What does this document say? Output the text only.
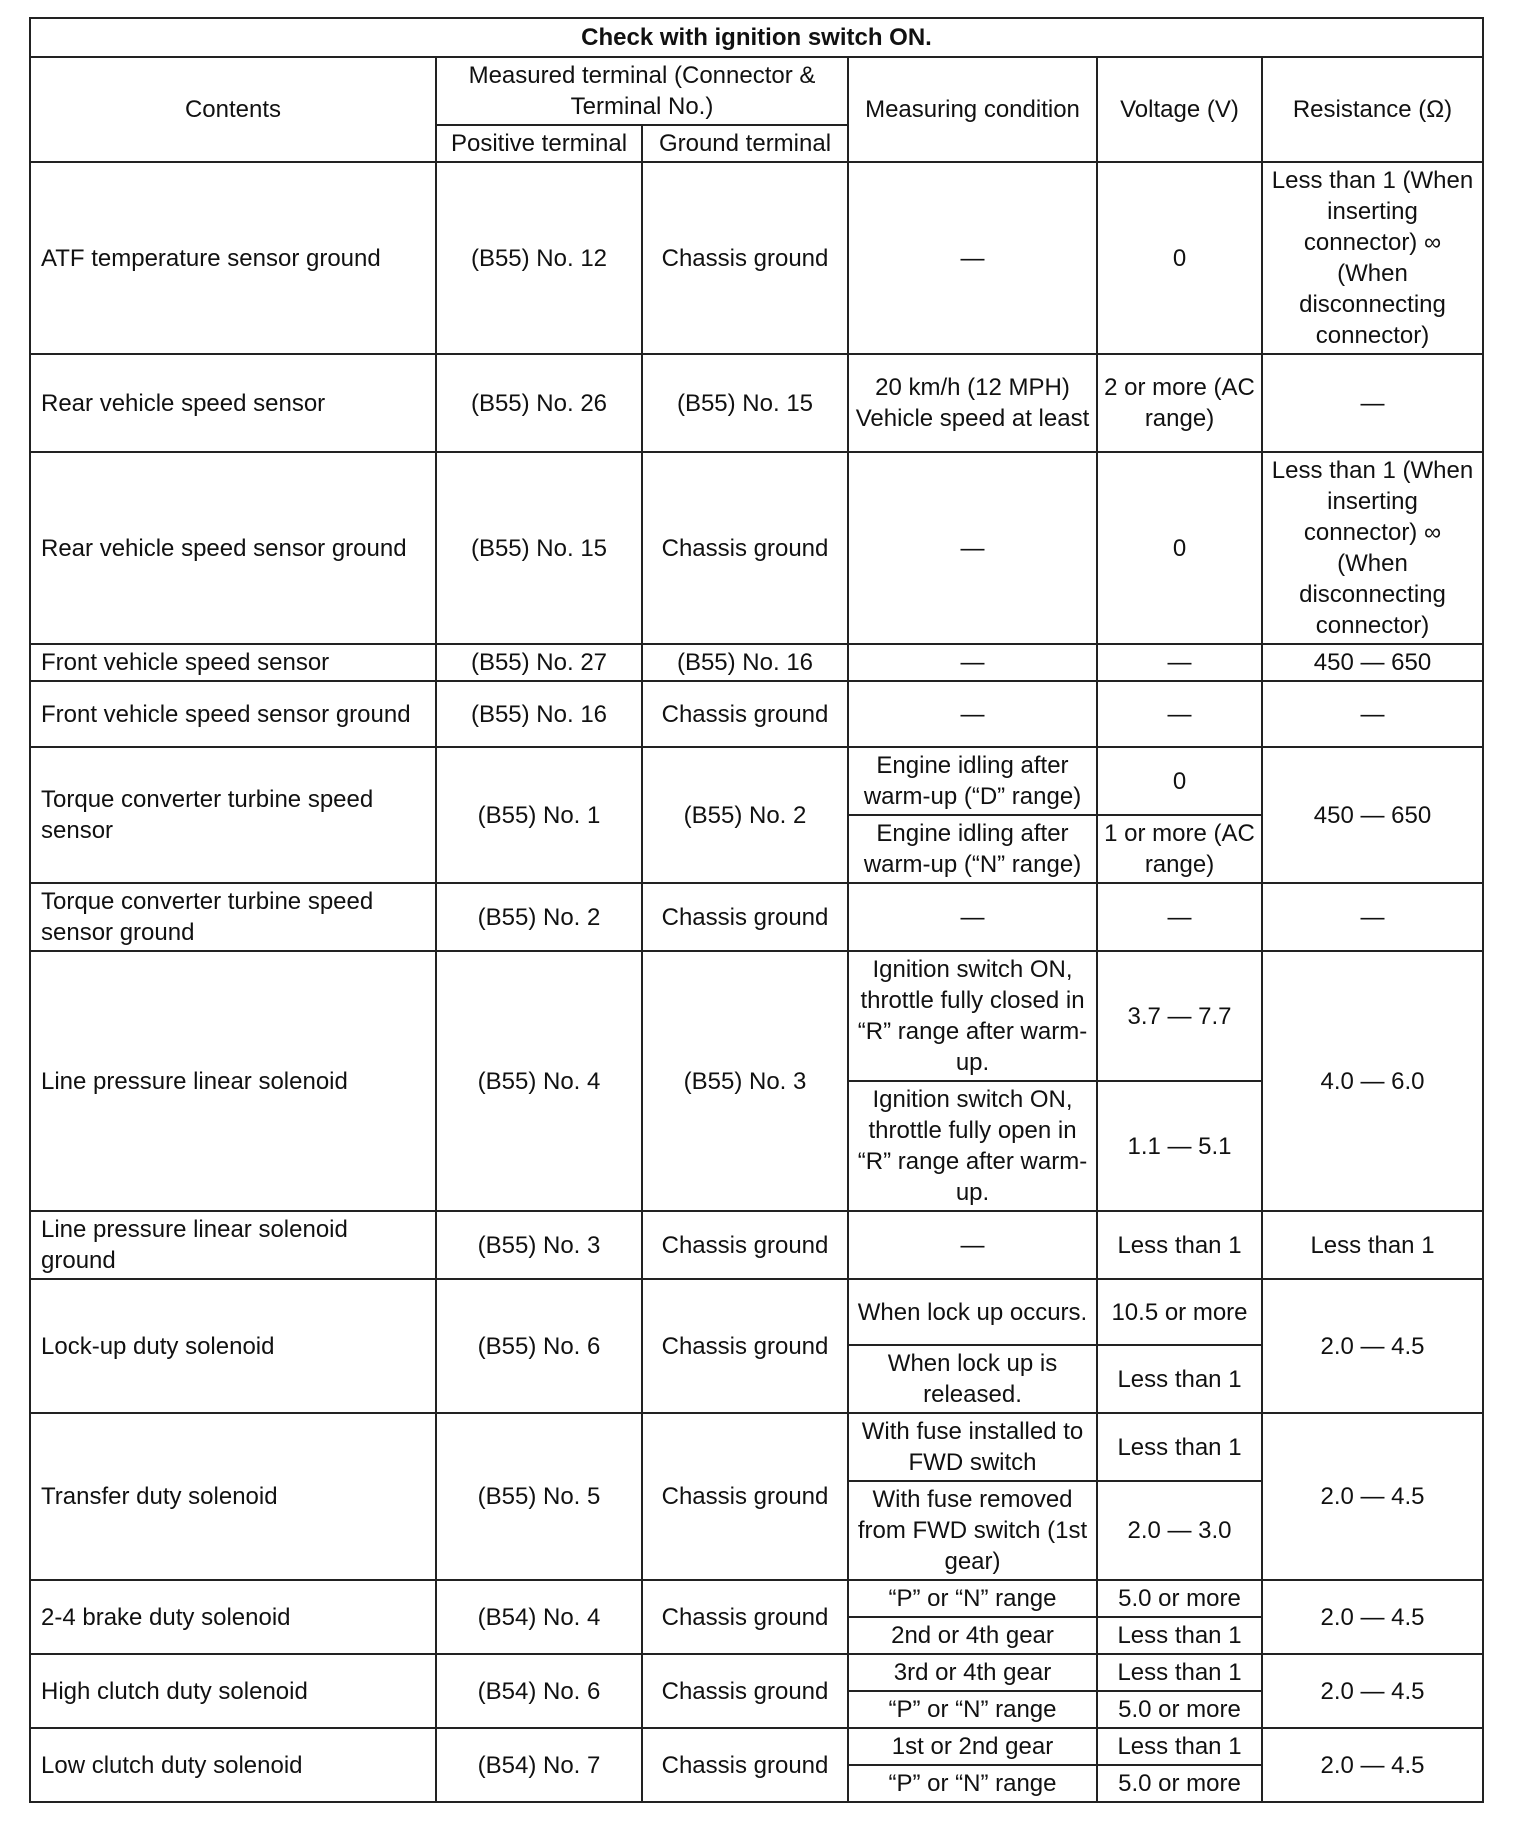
Check with ignition switch ON.					
Contents	Measured terminal (Connector & Terminal No.)		Measuring condition	Voltage (V)	Resistance (Ω)
	Positive terminal	Ground terminal			
ATF temperature sensor ground	(B55) No. 12	Chassis ground	—	0	Less than 1 (When inserting connector) ∞ (When disconnecting connector)
Rear vehicle speed sensor	(B55) No. 26	(B55) No. 15	20 km/h (12 MPH) Vehicle speed at least	2 or more (AC range)	—
Rear vehicle speed sensor ground	(B55) No. 15	Chassis ground	—	0	Less than 1 (When inserting connector) ∞ (When disconnecting connector)
Front vehicle speed sensor	(B55) No. 27	(B55) No. 16	—	—	450 — 650
Front vehicle speed sensor ground	(B55) No. 16	Chassis ground	—	—	—
Torque converter turbine speed sensor	(B55) No. 1	(B55) No. 2	Engine idling after warm-up (“D” range)	0	450 — 650
			Engine idling after warm-up (“N” range)	1 or more (AC range)	
Torque converter turbine speed sensor ground	(B55) No. 2	Chassis ground	—	—	—
Line pressure linear solenoid	(B55) No. 4	(B55) No. 3	Ignition switch ON, throttle fully closed in “R” range after warm-up.	3.7 — 7.7	4.0 — 6.0
			Ignition switch ON, throttle fully open in “R” range after warm-up.	1.1 — 5.1	
Line pressure linear solenoid ground	(B55) No. 3	Chassis ground	—	Less than 1	Less than 1
Lock-up duty solenoid	(B55) No. 6	Chassis ground	When lock up occurs.	10.5 or more	2.0 — 4.5
			When lock up is released.	Less than 1	
Transfer duty solenoid	(B55) No. 5	Chassis ground	With fuse installed to FWD switch	Less than 1	2.0 — 4.5
			With fuse removed from FWD switch (1st gear)	2.0 — 3.0	
2-4 brake duty solenoid	(B54) No. 4	Chassis ground	“P” or “N” range	5.0 or more	2.0 — 4.5
			2nd or 4th gear	Less than 1	
High clutch duty solenoid	(B54) No. 6	Chassis ground	3rd or 4th gear	Less than 1	2.0 — 4.5
			“P” or “N” range	5.0 or more	
Low clutch duty solenoid	(B54) No. 7	Chassis ground	1st or 2nd gear	Less than 1	2.0 — 4.5
			“P” or “N” range	5.0 or more	
